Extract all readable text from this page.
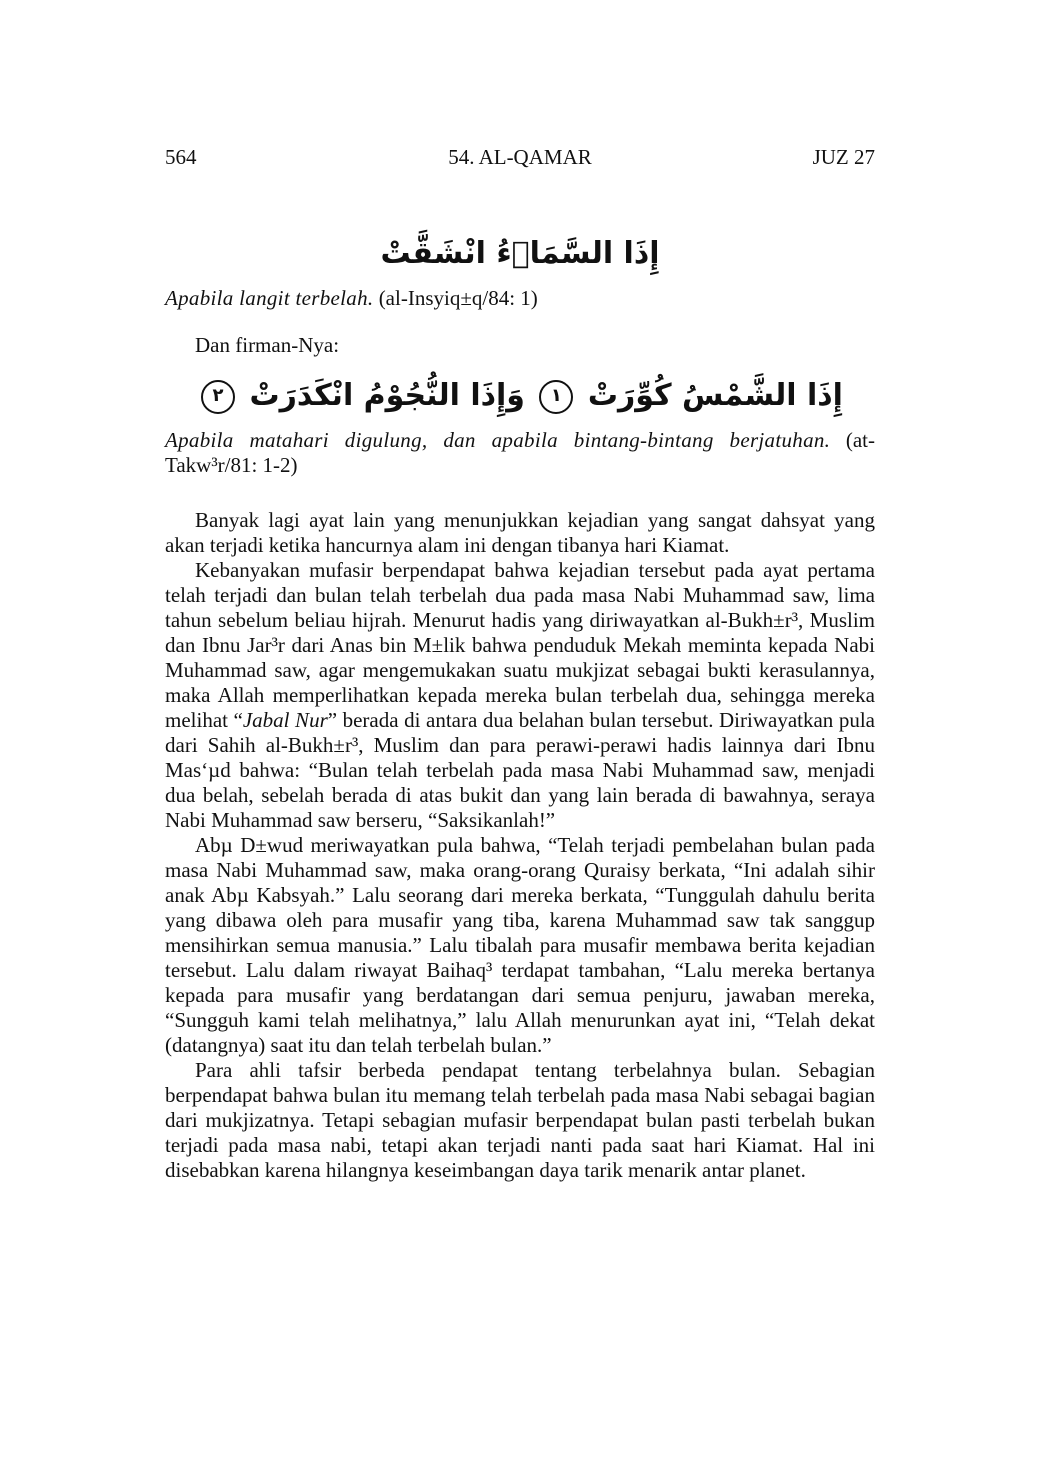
564	54. AL-QAMAR	JUZ 27
إِذَا السَّمَاۤءُ انْشَقَّتْ

Apabila langit terbelah. (al-Insyiq±q/84: 1)

Dan firman-Nya:

إِذَا الشَّمْسُ كُوِّرَتْ ١ وَإِذَا النُّجُوْمُ انْكَدَرَتْ ٢

Apabila matahari digulung, dan apabila bintang-bintang berjatuhan. (at-Takw³r/81: 1-2)

Banyak lagi ayat lain yang menunjukkan kejadian yang sangat dahsyat yang akan terjadi ketika hancurnya alam ini dengan tibanya hari Kiamat.

Kebanyakan mufasir berpendapat bahwa kejadian tersebut pada ayat pertama telah terjadi dan bulan telah terbelah dua pada masa Nabi Muhammad saw, lima tahun sebelum beliau hijrah. Menurut hadis yang diriwayatkan al-Bukh±r³, Muslim dan Ibnu Jar³r dari Anas bin M±lik bahwa penduduk Mekah meminta kepada Nabi Muhammad saw, agar mengemukakan suatu mukjizat sebagai bukti kerasulannya, maka Allah memperlihatkan kepada mereka bulan terbelah dua, sehingga mereka melihat “Jabal Nur” berada di antara dua belahan bulan tersebut. Diriwayatkan pula dari Sahih al-Bukh±r³, Muslim dan para perawi-perawi hadis lainnya dari Ibnu Mas‘µd bahwa: “Bulan telah terbelah pada masa Nabi Muhammad saw, menjadi dua belah, sebelah berada di atas bukit dan yang lain berada di bawahnya, seraya Nabi Muhammad saw berseru, “Saksikanlah!”

Abµ D±wud meriwayatkan pula bahwa, “Telah terjadi pembelahan bulan pada masa Nabi Muhammad saw, maka orang-orang Quraisy berkata, “Ini adalah sihir anak Abµ Kabsyah.” Lalu seorang dari mereka berkata, “Tunggulah dahulu berita yang dibawa oleh para musafir yang tiba, karena Muhammad saw tak sanggup mensihirkan semua manusia.” Lalu tibalah para musafir membawa berita kejadian tersebut. Lalu dalam riwayat Baihaq³ terdapat tambahan, “Lalu mereka bertanya kepada para musafir yang berdatangan dari semua penjuru, jawaban mereka, “Sungguh kami telah melihatnya,” lalu Allah menurunkan ayat ini, “Telah dekat (datangnya) saat itu dan telah terbelah bulan.”

Para ahli tafsir berbeda pendapat tentang terbelahnya bulan. Sebagian berpendapat bahwa bulan itu memang telah terbelah pada masa Nabi sebagai bagian dari mukjizatnya. Tetapi sebagian mufasir berpendapat bulan pasti terbelah bukan terjadi pada masa nabi, tetapi akan terjadi nanti pada saat hari Kiamat. Hal ini disebabkan karena hilangnya keseimbangan daya tarik menarik antar planet.
